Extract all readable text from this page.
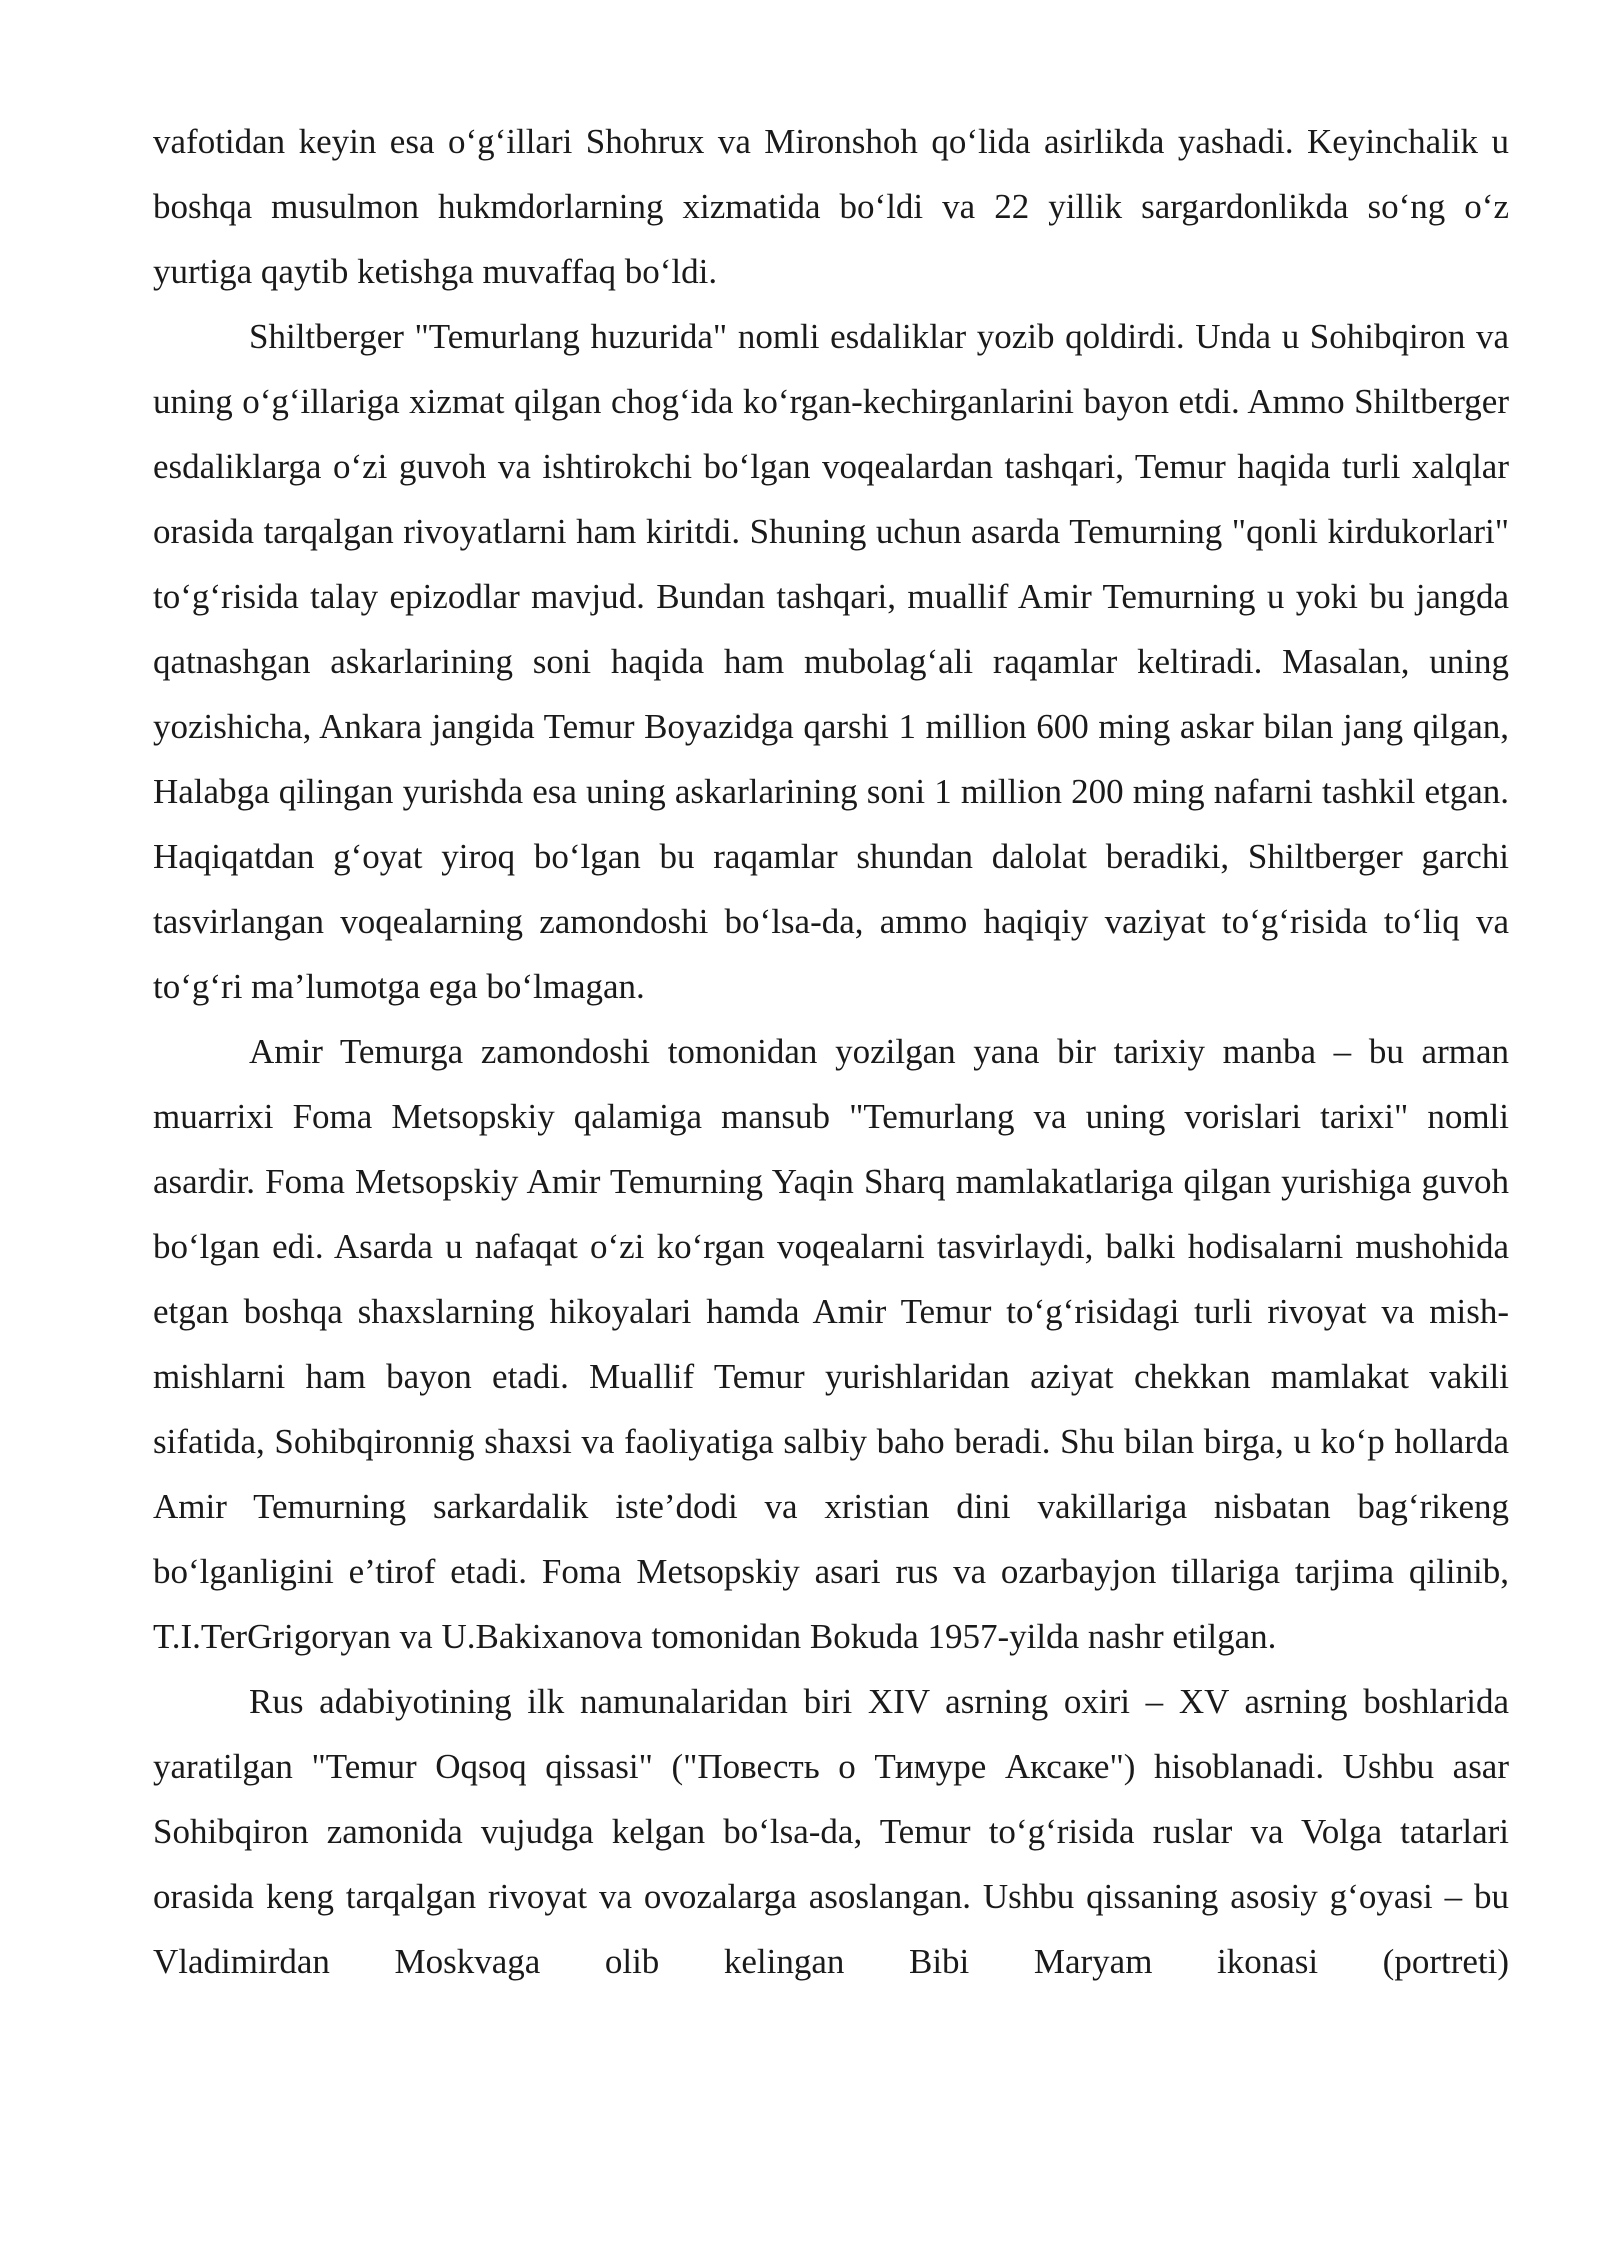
vafotidan keyin esa o‘g‘illari Shohrux va Mironshoh qo‘lida asirlikda yashadi. Keyinchalik u boshqa musulmon hukmdorlarning xizmatida bo‘ldi va 22 yillik sargardonlikda so‘ng o‘z yurtiga qaytib ketishga muvaffaq bo‘ldi.

Shiltberger "Temurlang huzurida" nomli esdaliklar yozib qoldirdi. Unda u Sohibqiron va uning o‘g‘illariga xizmat qilgan chog‘ida ko‘rgan-kechirganlarini bayon etdi. Ammo Shiltberger esdaliklarga o‘zi guvoh va ishtirokchi bo‘lgan voqealardan tashqari, Temur haqida turli xalqlar orasida tarqalgan rivoyatlarni ham kiritdi. Shuning uchun asarda Temurning "qonli kirdukorlari" to‘g‘risida talay epizodlar mavjud. Bundan tashqari, muallif Amir Temurning u yoki bu jangda qatnashgan askarlarining soni haqida ham mubolag‘ali raqamlar keltiradi. Masalan, uning yozishicha, Ankara jangida Temur Boyazidga qarshi 1 million 600 ming askar bilan jang qilgan, Halabga qilingan yurishda esa uning askarlarining soni 1 million 200 ming nafarni tashkil etgan. Haqiqatdan g‘oyat yiroq bo‘lgan bu raqamlar shundan dalolat beradiki, Shiltberger garchi tasvirlangan voqealarning zamondoshi bo‘lsa-da, ammo haqiqiy vaziyat to‘g‘risida to‘liq va to‘g‘ri ma’lumotga ega bo‘lmagan.

Amir Temurga zamondoshi tomonidan yozilgan yana bir tarixiy manba – bu arman muarrixi Foma Metsopskiy qalamiga mansub "Temurlang va uning vorislari tarixi" nomli asardir. Foma Metsopskiy Amir Temurning Yaqin Sharq mamlakatlariga qilgan yurishiga guvoh bo‘lgan edi. Asarda u nafaqat o‘zi ko‘rgan voqealarni tasvirlaydi, balki hodisalarni mushohida etgan boshqa shaxslarning hikoyalari hamda Amir Temur to‘g‘risidagi turli rivoyat va mish-mishlarni ham bayon etadi. Muallif Temur yurishlaridan aziyat chekkan mamlakat vakili sifatida, Sohibqironnig shaxsi va faoliyatiga salbiy baho beradi. Shu bilan birga, u ko‘p hollarda Amir Temurning sarkardalik iste’dodi va xristian dini vakillariga nisbatan bag‘rikeng bo‘lganligini e’tirof etadi. Foma Metsopskiy asari rus va ozarbayjon tillariga tarjima qilinib, T.I.TerGrigoryan va U.Bakixanova tomonidan Bokuda 1957-yilda nashr etilgan.

Rus adabiyotining ilk namunalaridan biri XIV asrning oxiri – XV asrning boshlarida yaratilgan "Temur Oqsoq qissasi" ("Повесть о Тимуре Аксаке") hisoblanadi. Ushbu asar Sohibqiron zamonida vujudga kelgan bo‘lsa-da, Temur to‘g‘risida ruslar va Volga tatarlari orasida keng tarqalgan rivoyat va ovozalarga asoslangan. Ushbu qissaning asosiy g‘oyasi – bu Vladimirdan Moskvaga olib kelingan Bibi Maryam ikonasi (portreti)
